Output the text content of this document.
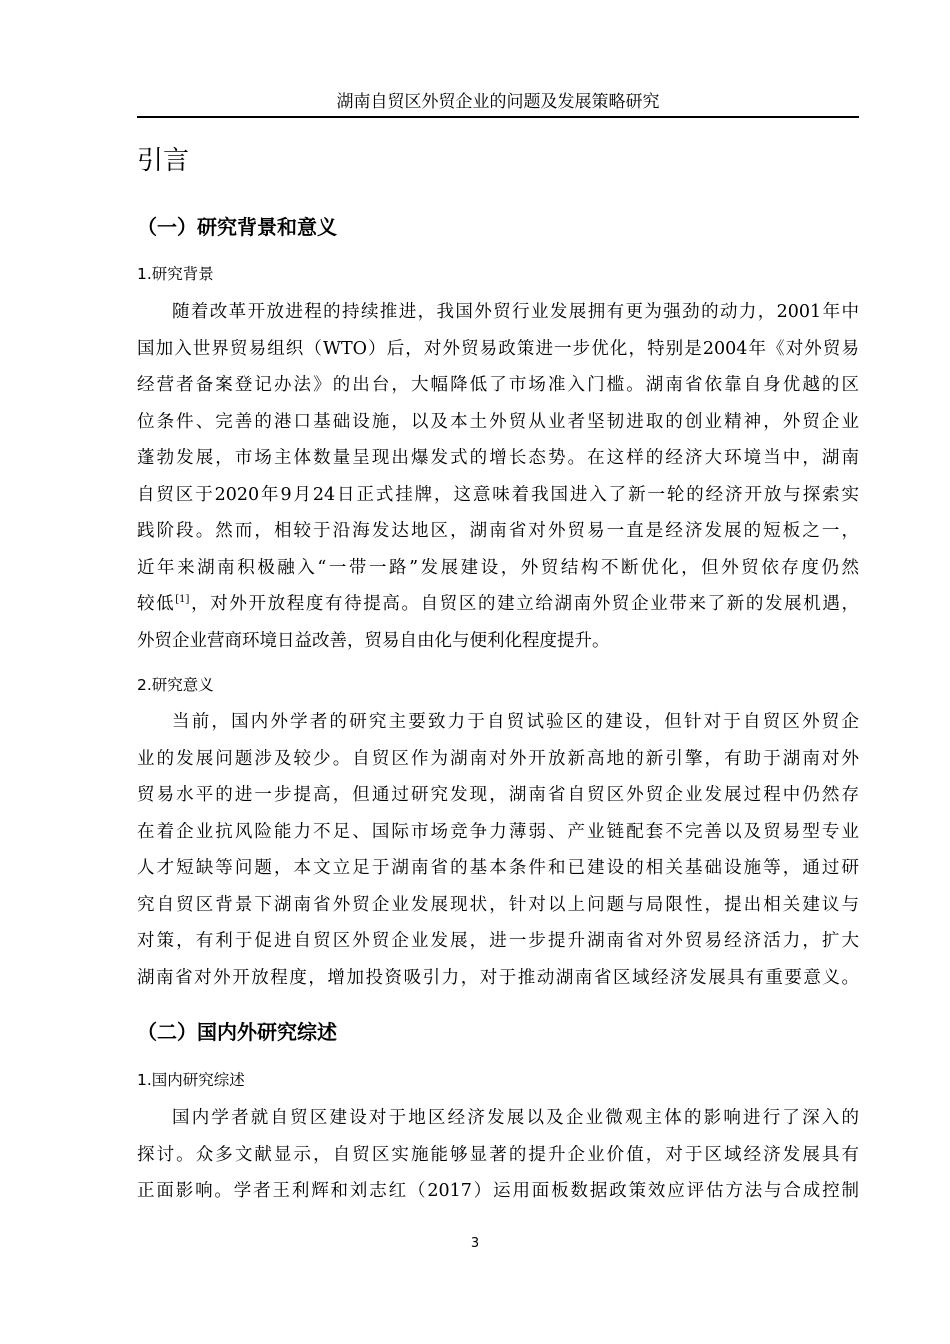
湖南自贸区外贸企业的问题及发展策略研究
引言
（一）研究背景和意义
1.研究背景
随着改革开放进程的持续推进，我国外贸行业发展拥有更为强劲的动力，2001年中
国加入世界贸易组织（WTO）后，对外贸易政策进一步优化，特别是2004年《对外贸易
经营者备案登记办法》的出台，大幅降低了市场准入门槛。湖南省依靠自身优越的区
位条件、完善的港口基础设施，以及本土外贸从业者坚韧进取的创业精神，外贸企业
蓬勃发展，市场主体数量呈现出爆发式的增长态势。在这样的经济大环境当中，湖南
自贸区于2020年9月24日正式挂牌，这意味着我国进入了新一轮的经济开放与探索实
践阶段。然而，相较于沿海发达地区，湖南省对外贸易一直是经济发展的短板之一，
近年来湖南积极融入“一带一路”发展建设，外贸结构不断优化，但外贸依存度仍然
较低[1]，对外开放程度有待提高。自贸区的建立给湖南外贸企业带来了新的发展机遇，
外贸企业营商环境日益改善，贸易自由化与便利化程度提升。
2.研究意义
当前，国内外学者的研究主要致力于自贸试验区的建设，但针对于自贸区外贸企
业的发展问题涉及较少。自贸区作为湖南对外开放新高地的新引擎，有助于湖南对外
贸易水平的进一步提高，但通过研究发现，湖南省自贸区外贸企业发展过程中仍然存
在着企业抗风险能力不足、国际市场竞争力薄弱、产业链配套不完善以及贸易型专业
人才短缺等问题，本文立足于湖南省的基本条件和已建设的相关基础设施等，通过研
究自贸区背景下湖南省外贸企业发展现状，针对以上问题与局限性，提出相关建议与
对策，有利于促进自贸区外贸企业发展，进一步提升湖南省对外贸易经济活力，扩大
湖南省对外开放程度，增加投资吸引力，对于推动湖南省区域经济发展具有重要意义。
（二）国内外研究综述
1.国内研究综述
国内学者就自贸区建设对于地区经济发展以及企业微观主体的影响进行了深入的
探讨。众多文献显示，自贸区实施能够显著的提升企业价值，对于区域经济发展具有
正面影响。学者王利辉和刘志红（2017）运用面板数据政策效应评估方法与合成控制
3
